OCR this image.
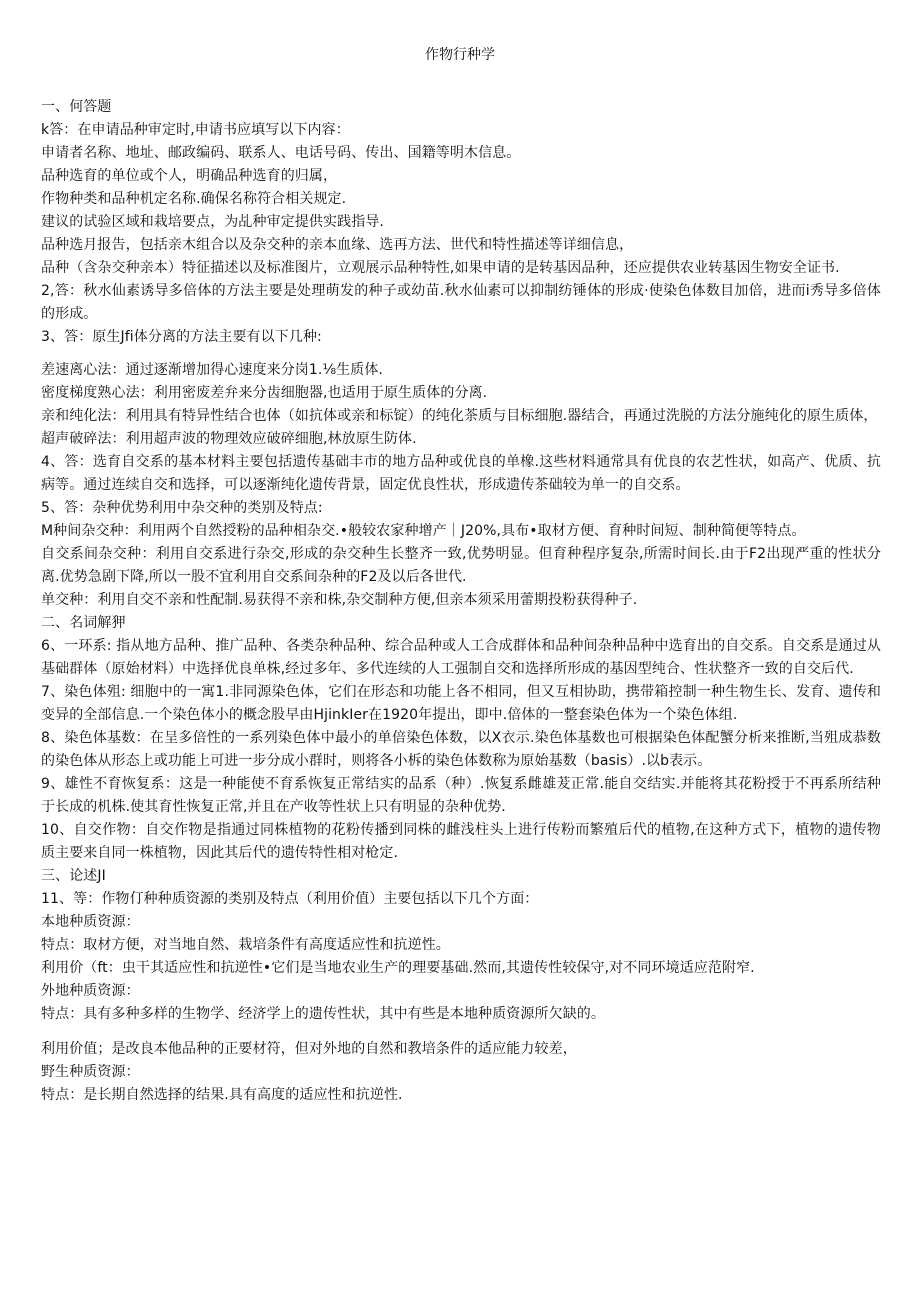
作物行种学

一、何答题

k答：在申请品种审定时,申请书应填写以下内容：

申请者名称、地址、邮政编码、联系人、电话号码、传出、国籍等明木信息。

品种选育的单位或个人，明确品种选育的归属，

作物种类和品种机定名称.确保名称符合相关规定.

建议的试验区域和栽培要点，为乩种审定提供实践指导.

品种选月报告，包括亲木组合以及杂交种的亲本血缘、选再方法、世代和特性描述等详细信息，

品种（含杂交种亲本）特征描述以及标准图片，立观展示品种特性,如果申请的是转基因品种，还应提供农业转基因生物安全证书.

2,答：秋水仙素诱导多倍体的方法主要是处理萌发的种子或幼苗.秋水仙素可以抑制纺锤体的形成·使染色体数目加倍，进而i秀导多倍体的形成。

3、答：原生Jfi体分离的方法主要有以下几种:

差速离心法：通过逐渐增加得心速度来分岗1.⅛生质体.

密度梯度熟心法：利用密废差弁来分齿细胞器,也适用于原生质体的分离.

亲和纯化法：利用具有特异性结合也体（如抗体或亲和标锭）的纯化茶质与目标细胞.器结合，再通过洗脱的方法分施纯化的原生质体，

超声破碎法：利用超声波的物理效应破碎细胞,林放原生防体.

4、答：选育自交系的基本材料主要包括遗传基础丰市的地方品种或优良的单橡.这些材料通常具有优良的农艺性状，如高产、优质、抗病等。通过连续自交和选择，可以逐渐纯化遗传背景，固定优良性状，形成遗传茶础较为单一的自交系。

5、答：杂种优势利用中杂交种的类别及特点:

M种间杂交种：利用两个自然授粉的品种相杂交.•般较农家种增产｜J20%,具布•取材方便、育种时间短、制种简便等特点。

自交系间杂交种：利用自交系进行杂交,形成的杂交种生长整齐一致,优势明显。但育种程序复杂,所需时间长.由于F2出现严重的性状分离.优势急剧下降,所以一股不宜利用自交系间杂种的F2及以后各世代.

单交种：利用自交不亲和性配制.易获得不亲和株,杂交制种方便,但亲本须采用蕾期投粉获得种子.

二、名词解狎

6、一环系: 指从地方品种、推广品种、各类杂种品种、综合品种或人工合成群体和品种间杂种品种中选育出的自交系。自交系是通过从基础群体（原始材料）中选择优良单株,经过多年、多代连续的人工强制自交和选择所形成的基因型纯合、性状整齐一致的自交后代.

7、染色体殂: 细胞中的一寓1.非同源染色体，它们在形态和功能上各不相同，但又互相协助，携带箱控制一种生物生长、发育、遗传和变异的全部信息.一个染色体小的概念股早由HjinkIer在1920年提出，即中.倍体的一整套染色体为一个染色体组.

8、染色体基数：在呈多倍性的一系列染色体中最小的单倍染色体数，以X衣示.染色体基数也可根据染色体配蟹分析来推断,当殂成恭数的染色体从形态上或功能上可进一步分成小群时，则将各小柝的染色体数称为原始基数（basis）.以b表示。

9、雄性不育恢复系：这是一种能使不育系恢复正常结实的品系（种）.恢复系雌雄茇正常.能自交结实.并能将其花粉授于不再系所结种于长成的机株.使其育性恢复正常,并且在产收等性状上只有明显的杂种优势.

10、自交作物：自交作物是指通过同株植物的花粉传播到同株的雌浅柱头上进行传粉而繁殖后代的植物,在这种方式下，植物的遗传物质主要来自同一株植物，因此其后代的遗传特性相对枪定.

三、论述JI

11、等：作物仃种种质资源的类别及特点（利用价值）主要包括以下几个方面：

本地种质资源：

特点：取材方便，对当地自然、栽培条件有高度适应性和抗逆性。

利用价（ft：虫干其适应性和抗逆性•它们是当地农业生产的理要基础.然而,其遗传性较保守,对不同环境适应范附窄.

外地种质资源：

特点：具有多种多样的生物学、经济学上的遗传性状，其中有些是本地种质资源所欠缺的。

利用价值；是改良本他品种的正要材符，但对外地的自然和教培条件的适应能力较差，

野生种质资源：

特点：是长期自然选择的结果.具有高度的适应性和抗逆性.
